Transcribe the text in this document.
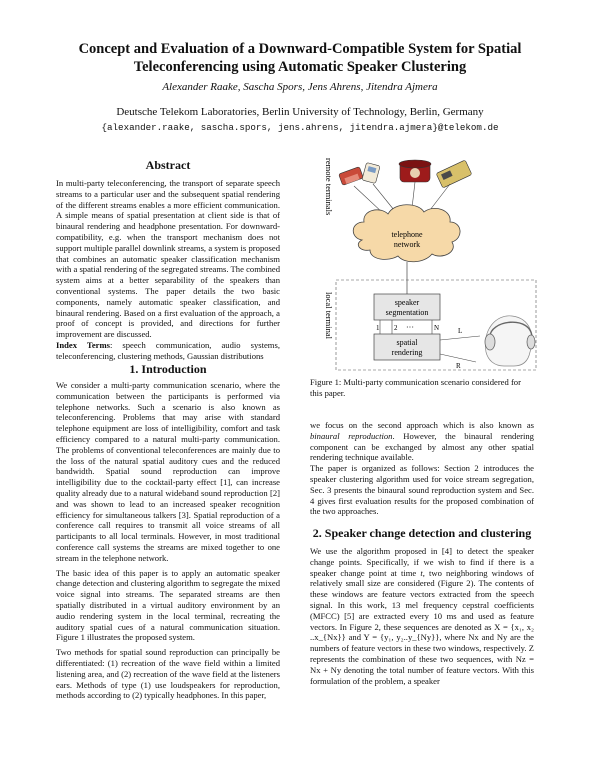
Concept and Evaluation of a Downward-Compatible System for Spatial
Teleconferencing using Automatic Speaker Clustering
Alexander Raake, Sascha Spors, Jens Ahrens, Jitendra Ajmera
Deutsche Telekom Laboratories, Berlin University of Technology, Berlin, Germany
{alexander.raake, sascha.spors, jens.ahrens, jitendra.ajmera}@telekom.de
Abstract

In multi-party teleconferencing, the transport of separate speech streams to a particular user and the subsequent spatial rendering of the different streams enables a more efficient communication. A simple means of spatial presentation at client side is that of binaural rendering and headphone presentation. For downward-compatibility, e.g. when the transport mechanism does not support multiple parallel downlink streams, a system is proposed that combines an automatic speaker classification mechanism with a spatial rendering of the segregated streams. The combined system aims at a better separability of the speakers than conventional systems. The paper details the two basic components, namely automatic speaker classification, and binaural rendering. Based on a first evaluation of the approach, a proof of concept is provided, and directions for further improvement are discussed.

Index Terms: speech communication, audio systems, teleconferencing, clustering methods, Gaussian distributions

1. Introduction

We consider a multi-party communication scenario, where the communication between the participants is performed via telephone networks. Such a scenario is also known as teleconferencing. Problems that may arise with standard telephone equipment are loss of intelligibility, comfort and task efficiency compared to a natural multi-party communication. The problems of conventional teleconferences are mainly due to the loss of the natural spatial auditory cues and the reduced bandwidth. Spatial sound reproduction can improve intelligibility due to the cocktail-party effect [1], can increase quality already due to a natural wideband sound reproduction [2] and was shown to lead to an increased speaker recognition efficiency for simultaneous talkers [3]. Spatial reproduction of a conference call requires to transmit all voice streams of all participants to all local terminals. However, in most traditional conference call systems the streams are mixed together to one stream in the telephone network.

The basic idea of this paper is to apply an automatic speaker change detection and clustering algorithm to segregate the mixed voice signal into streams. The separated streams are then spatially distributed in a virtual auditory environment by an audio rendering system in the local terminal, recreating the auditory spatial cues of a natural communication situation. Figure 1 illustrates the proposed system.

Two methods for spatial sound reproduction can principally be differentiated: (1) recreation of the wave field within a limited listening area, and (2) recreation of the wave field at the listeners ears. Methods of type (1) use loudspeakers for reproduction, methods according to (2) typically headphones. In this paper,

remote terminals
local terminal
telephone
network
speaker
segmentation
1 2 ···	N
spatial
rendering
L
R
Figure 1: Multi-party communication scenario considered for this paper.

we focus on the second approach which is also known as binaural reproduction. However, the binaural rendering component can be exchanged by almost any other spatial rendering technique available.

The paper is organized as follows: Section 2 introduces the speaker clustering algorithm used for voice stream segregation, Sec. 3 presents the binaural sound reproduction system and Sec. 4 gives first evaluation results for the proposed combination of the two approaches.

2. Speaker change detection and clustering

We use the algorithm proposed in [4] to detect the speaker change points. Specifically, if we wish to find if there is a speaker change point at time t, two neighboring windows of relatively small size are considered (Figure 2). The contents of these windows are feature vectors extracted from the speech signal. In this work, 13 mel frequency cepstral coefficients (MFCC) [5] are extracted every 10 ms and used as feature vectors. In Figure 2, these sequences are denoted as X = {x₁, x₂ ..x_{Nx}} and Y = {y₁, y₂..y_{Ny}}, where Nx and Ny are the numbers of feature vectors in these two windows, respectively. Z represents the combination of these two sequences, with Nz = Nx + Ny denoting the total number of feature vectors. With this formulation of the problem, a speaker
